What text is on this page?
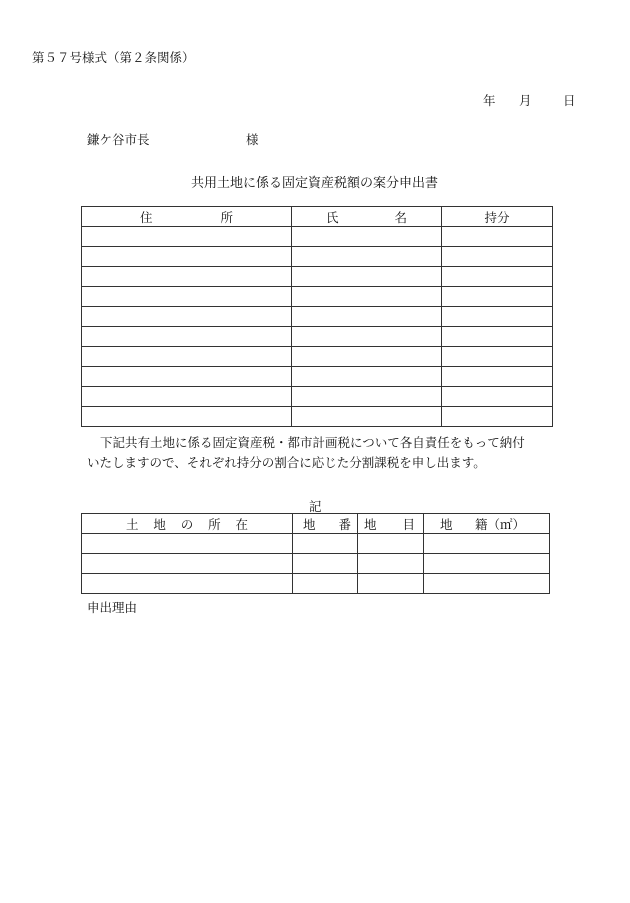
第５７号様式（第２条関係）
年 月	日
鎌ケ谷市長	様
共用土地に係る固定資産税額の案分申出書
住 所	氏 名	持分

下記共有土地に係る固定資産税・都市計画税について各自責任をもって納付
いたしますので、それぞれ持分の割合に応じた分割課税を申し出ます。
記
土 地 の 所 在	地 番	地 目	地 籍（㎡）

申出理由
